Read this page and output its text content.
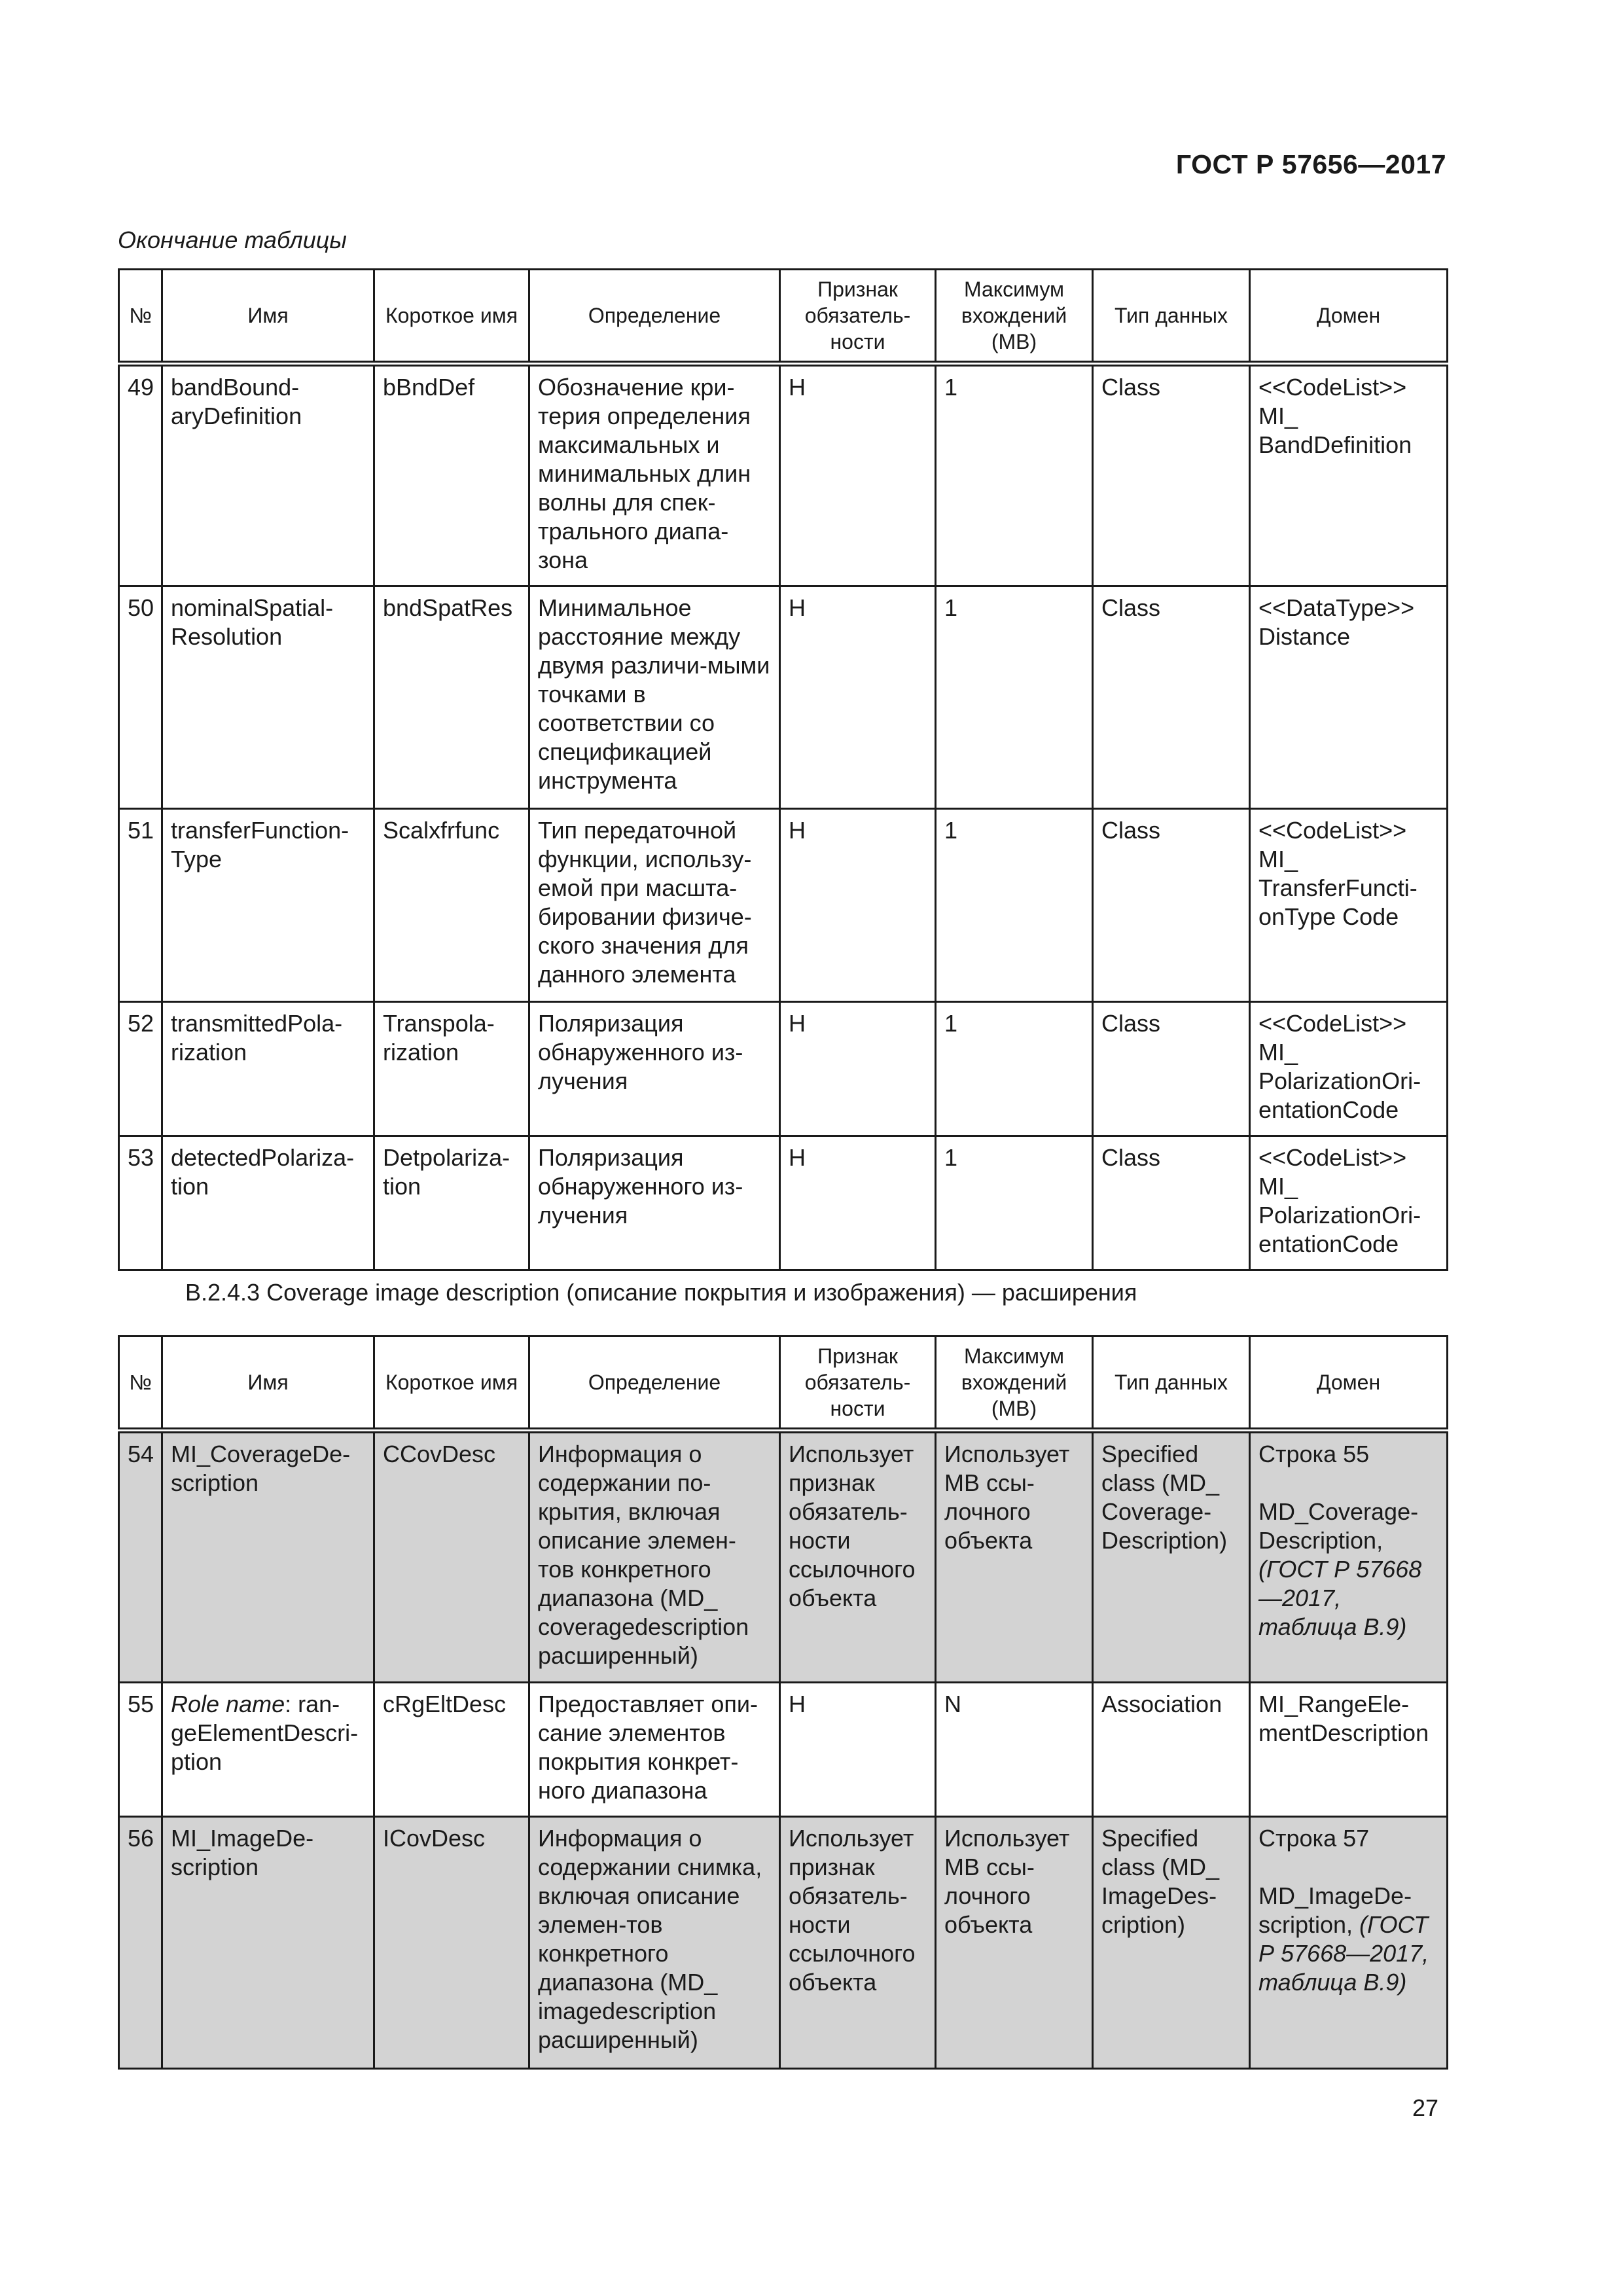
ГОСТ Р 57656—2017
Окончание таблицы
№	Имя	Короткое имя	Определение	Признак обязатель-ности	Максимум вхождений (МВ)	Тип данных	Домен
49	bandBound-aryDefinition	bBndDef	Обозначение кри-терия определения максимальных и минимальных длин волны для спек-трального диапа-зона	Н	1	Class	<<CodeList>> MI_ BandDefinition
50	nominalSpatial-Resolution	bndSpatRes	Минимальное расстояние между двумя различи-мыми точками в соответствии со спецификацией инструмента	Н	1	Class	<<DataType>> Distance
51	transferFunction-Type	Scalxfrfunc	Тип передаточной функции, использу-емой при масшта-бировании физиче-ского значения для данного элемента	Н	1	Class	<<CodeList>> MI_ TransferFuncti-onType Code
52	transmittedPola-rization	Transpola-rization	Поляризация обнаруженного из-лучения	Н	1	Class	<<CodeList>> MI_ PolarizationOri-entationCode
53	detectedPolariza-tion	Detpolariza-tion	Поляризация обнаруженного из-лучения	Н	1	Class	<<CodeList>> MI_ PolarizationOri-entationCode
B.2.4.3 Coverage image description (описание покрытия и изображения) — расширения
№	Имя	Короткое имя	Определение	Признак обязатель-ности	Максимум вхождений (МВ)	Тип данных	Домен
54	MI_CoverageDe-scription	CCovDesc	Информация о содержании по-крытия, включая описание элемен-тов конкретного диапазона (MD_ coveragedescription расширенный)	Использует признак обязатель-ности ссылочного объекта	Использует МВ ссы-лочного объекта	Specified class (MD_ Coverage-Description)	Строка 55
MD_Coverage-Description, (ГОСТ Р 57668—2017, таблица В.9)
55	Role name: ran-geElementDescri-ption	cRgEltDesc	Предоставляет опи-сание элементов покрытия конкрет-ного диапазона	Н	N	Association	MI_RangeEle-mentDescription
56	MI_ImageDe-scription	ICovDesc	Информация о содержании снимка, включая описание элемен-тов конкретного диапазона (MD_ imagedescription расширенный)	Использует признак обязатель-ности ссылочного объекта	Использует МВ ссы-лочного объекта	Specified class (MD_ ImageDes-cription)	Строка 57
MD_ImageDe-scription, (ГОСТ Р 57668—2017, таблица В.9)
27
